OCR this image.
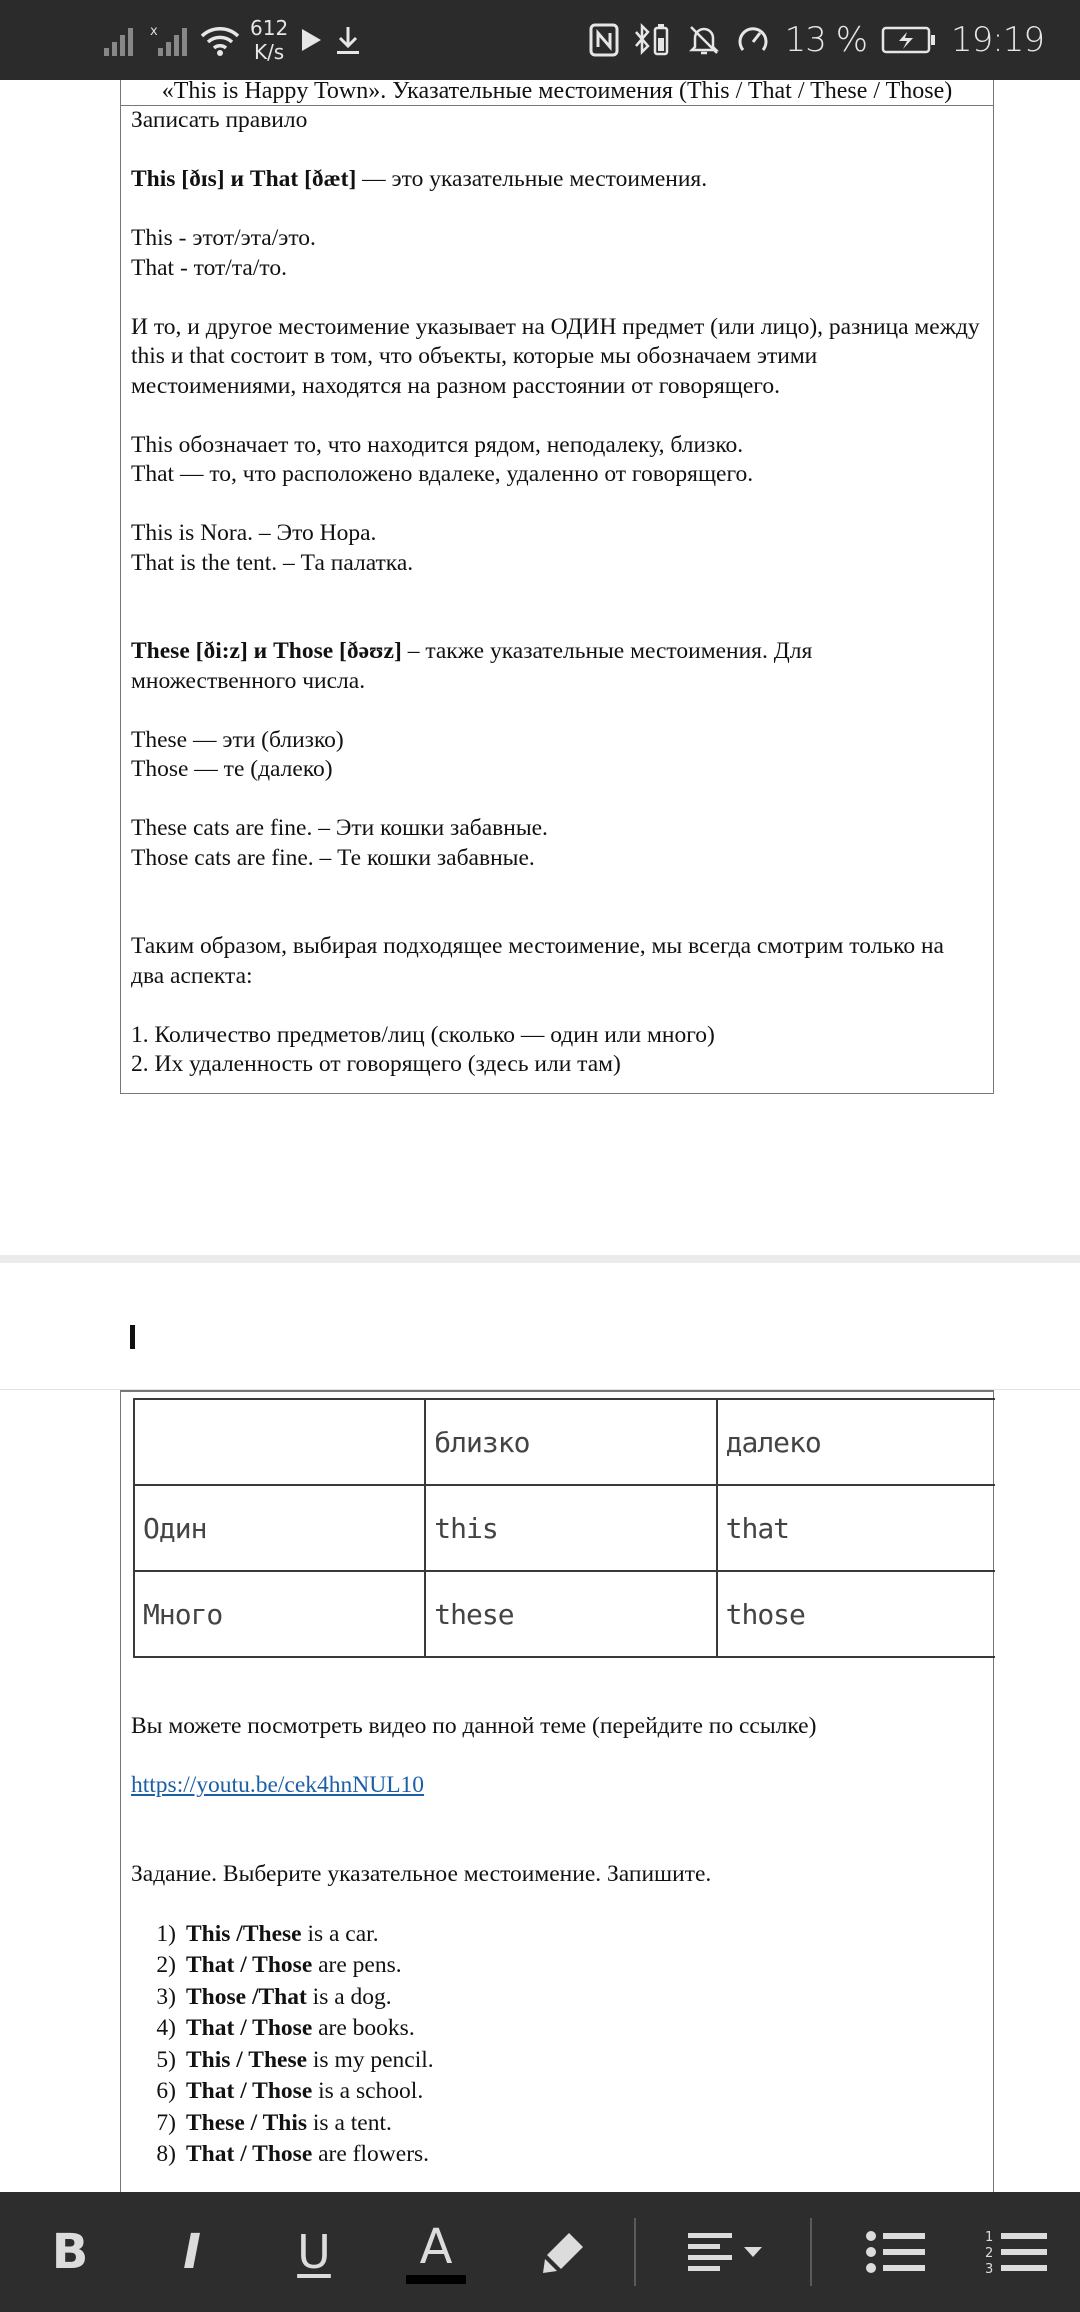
x	612
K/s	13 % 19:19
«This is Happy Town». Указательные местоимения (This / That / These / Those)

Записать правило

This [ðɪs] и That [ðæt] — это указательные местоимения.

This - этот/эта/это.

That - тот/та/то.

И то, и другое местоимение указывает на ОДИН предмет (или лицо), разница между this и that состоит в том, что объекты, которые мы обозначаем этими местоимениями, находятся на разном расстоянии от говорящего.

This обозначает то, что находится рядом, неподалеку, близко.

That — то, что расположено вдалеке, удаленно от говорящего.

This is Nora. – Это Нора.

That is the tent. – Та палатка.

These [ði:z] и Those [ðəʊz] – также указательные местоимения. Для множественного числа.

These — эти (близко)

Those — те (далеко)

These cats are fine. – Эти кошки забавные.

Those cats are fine. – Те кошки забавные.

Таким образом, выбирая подходящее местоимение, мы всегда смотрим только на два аспекта:

1. Количество предметов/лиц (сколько — один или много)

2. Их удаленность от говорящего (здесь или там)

	близко	далеко
Один	this	that
Много	these	those

Вы можете посмотреть видео по данной теме (перейдите по ссылке)

https://youtu.be/cek4hnNUL10

Задание. Выберите указательное местоимение. Запишите.

1) This /These is a car.
2) That / Those are pens.
3) Those /That is a dog.
4) That / Those are books.
5) This / These is my pencil.
6) That / Those is a school.
7) These / This is a tent.
8) That / Those are flowers.
B I U A	1
2
3
